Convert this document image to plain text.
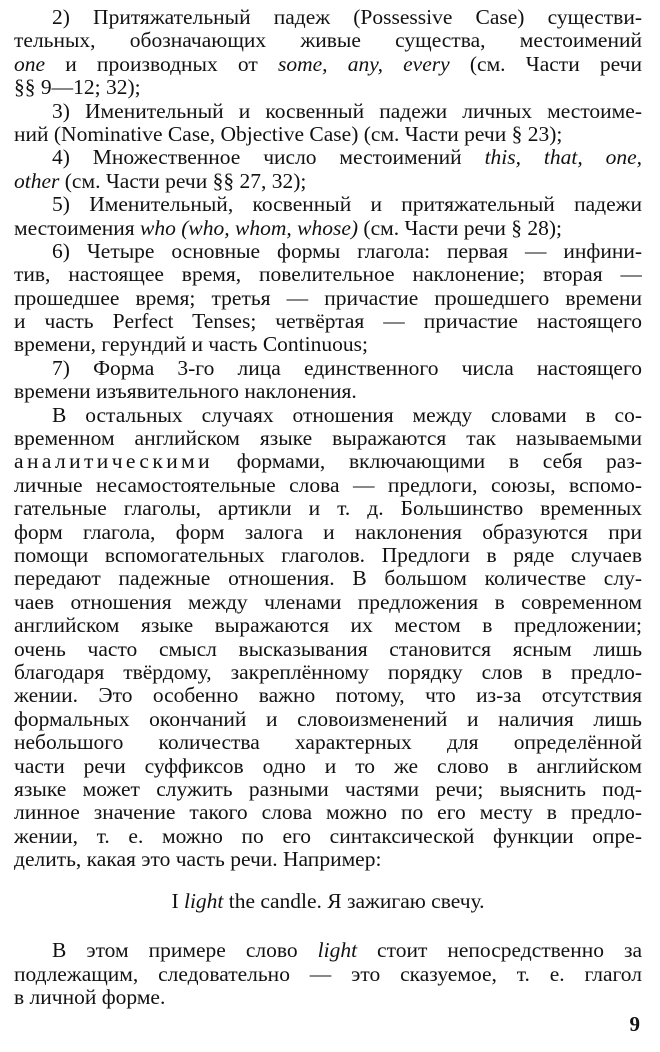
2) Притяжательный падеж (Possessive Case) существи-
тельных, обозначающих живые существа, местоимений
one и производных от some, any, every (см. Части речи
§§ 9—12; 32);
3) Именительный и косвенный падежи личных местоиме-
ний (Nominative Case, Objective Case) (см. Части речи § 23);
4) Множественное число местоимений this, that, one,
other (см. Части речи §§ 27, 32);
5) Именительный, косвенный и притяжательный падежи
местоимения who (who, whom, whose) (см. Части речи § 28);
6) Четыре основные формы глагола: первая — инфини-
тив, настоящее время, повелительное наклонение; вторая —
прошедшее время; третья — причастие прошедшего времени
и часть Perfect Tenses; четвёртая — причастие настоящего
времени, герундий и часть Continuous;
7) Форма 3-го лица единственного числа настоящего
времени изъявительного наклонения.
В остальных случаях отношения между словами в со-
временном английском языке выражаются так называемыми
аналитическими формами, включающими в себя раз-
личные несамостоятельные слова — предлоги, союзы, вспомо-
гательные глаголы, артикли и т. д. Большинство временных
форм глагола, форм залога и наклонения образуются при
помощи вспомогательных глаголов. Предлоги в ряде случаев
передают падежные отношения. В большом количестве слу-
чаев отношения между членами предложения в современном
английском языке выражаются их местом в предложении;
очень часто смысл высказывания становится ясным лишь
благодаря твёрдому, закреплённому порядку слов в предло-
жении. Это особенно важно потому, что из-за отсутствия
формальных окончаний и словоизменений и наличия лишь
небольшого количества характерных для определённой
части речи суффиксов одно и то же слово в английском
языке может служить разными частями речи; выяснить под-
линное значение такого слова можно по его месту в предло-
жении, т. е. можно по его синтаксической функции опре-
делить, какая это часть речи. Например:
I light the candle. Я зажигаю свечу.
В этом примере слово light стоит непосредственно за
подлежащим, следовательно — это сказуемое, т. е. глагол
в личной форме.
9
